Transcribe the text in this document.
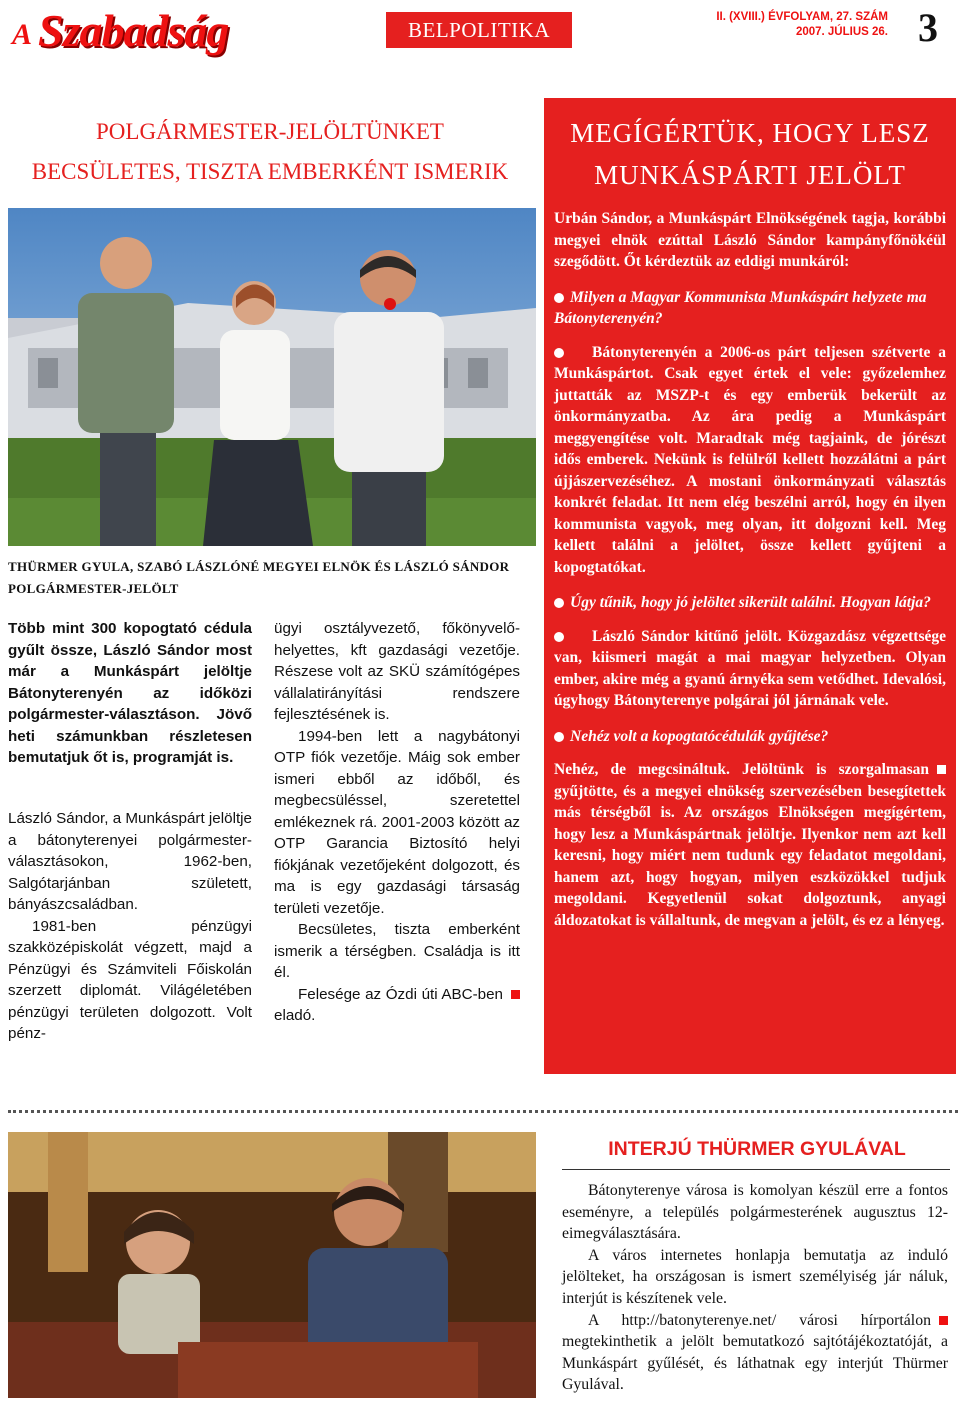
A Szabadság	BELPOLITIKA
II. (XVIII.) ÉVFOLYAM, 27. SZÁM
2007. JÚLIUS 26. 3
POLGÁRMESTER-JELÖLTÜNKET
BECSÜLETES, TISZTA EMBERKÉNT ISMERIK
THÜRMER GYULA, SZABÓ LÁSZLÓNÉ MEGYEI ELNÖK ÉS LÁSZLÓ SÁNDOR POLGÁRMESTER-JELÖLT
Több mint 300 kopogtató cédula gyűlt össze, László Sándor most már a Munkáspárt jelöltje Bátonyterenyén az időközi polgármester-választáson. Jövő heti számunkban részletesen bemutatjuk őt is, programját is.

László Sándor, a Munkáspárt jelöltje a bátonyterenyei polgármester-választásokon, 1962-ben, Salgótarjánban született, bányászcsaládban.

1981-ben pénzügyi szakközépiskolát végzett, majd a Pénzügyi és Számviteli Főiskolán szerzett diplomát. Világéletében pénzügyi területen dolgozott. Volt pénz-

ügyi osztályvezető, főkönyvelő-helyettes, kft gazdasági vezetője. Részese volt az SKÜ számítógépes vállalatirányítási rendszere fejlesztésének is.

1994-ben lett a nagybátonyi OTP fiók vezetője. Máig sok ember ismeri ebből az időből, és megbecsüléssel, szeretettel emlékeznek rá. 2001-2003 között az OTP Garancia Biztosító helyi fiókjának vezetőjeként dolgozott, és ma is egy gazdasági társaság területi vezetője.

Becsületes, tiszta emberként ismerik a térségben. Családja is itt él.

Felesége az Ózdi úti ABC-ben eladó.

MEGÍGÉRTÜK, HOGY LESZ
MUNKÁSPÁRTI JELÖLT
Urbán Sándor, a Munkáspárt Elnökségének tagja, korábbi megyei elnök ezúttal László Sándor kampányfőnökéül szegődött. Őt kérdeztük az eddigi munkáról:
Milyen a Magyar Kommunista Munkáspárt helyzete ma Bátonyterenyén?
Bátonyterenyén a 2006-os párt teljesen szétverte a Munkáspártot. Csak egyet értek el vele: győzelemhez juttatták az MSZP-t és egy emberük bekerült az önkormányzatba. Az ára pedig a Munkáspárt meggyengítése volt. Maradtak még tagjaink, de jórészt idős emberek. Nekünk is felülről kellett hozzálátni a párt újjászervezéséhez. A mostani önkormányzati választás konkrét feladat. Itt nem elég beszélni arról, hogy én ilyen kommunista vagyok, meg olyan, itt dolgozni kell. Meg kellett találni a jelöltet, össze kellett gyűjteni a kopogtatókat.
Úgy tűnik, hogy jó jelöltet sikerült találni. Hogyan látja?
László Sándor kitűnő jelölt. Közgazdász végzettsége van, kiismeri magát a mai magyar helyzetben. Olyan ember, akire még a gyanú árnyéka sem vetődhet. Idevalósi, úgyhogy Bátonyterenye polgárai jól járnának vele.
Nehéz volt a kopogtatócédulák gyűjtése?
Nehéz, de megcsináltuk. Jelöltünk is szorgalmasan gyűjtötte, és a megyei elnökség szervezésében besegítettek más térségből is. Az országos Elnökségen megígértem, hogy lesz a Munkáspártnak jelöltje. Ilyenkor nem azt kell keresni, hogy miért nem tudunk egy feladatot megoldani, hanem azt, hogy hogyan, milyen eszközökkel tudjuk megoldani. Kegyetlenül sokat dolgoztunk, anyagi áldozatokat is vállaltunk, de megvan a jelölt, és ez a lényeg.
INTERJÚ THÜRMER GYULÁVAL

Bátonyterenye városa is komolyan készül erre a fontos eseményre, a település polgármesterének augusztus 12-eimegválasztására.

A város internetes honlapja bemutatja az induló jelölteket, ha országosan is ismert személyiség jár náluk, interjút is készítenek vele.

A http://batonyterenye.net/ városi hírportálon megtekinthetik a jelölt bemutatkozó sajtótájékoztatóját, a Munkáspárt gyűlését, és láthatnak egy interjút Thürmer Gyulával.
